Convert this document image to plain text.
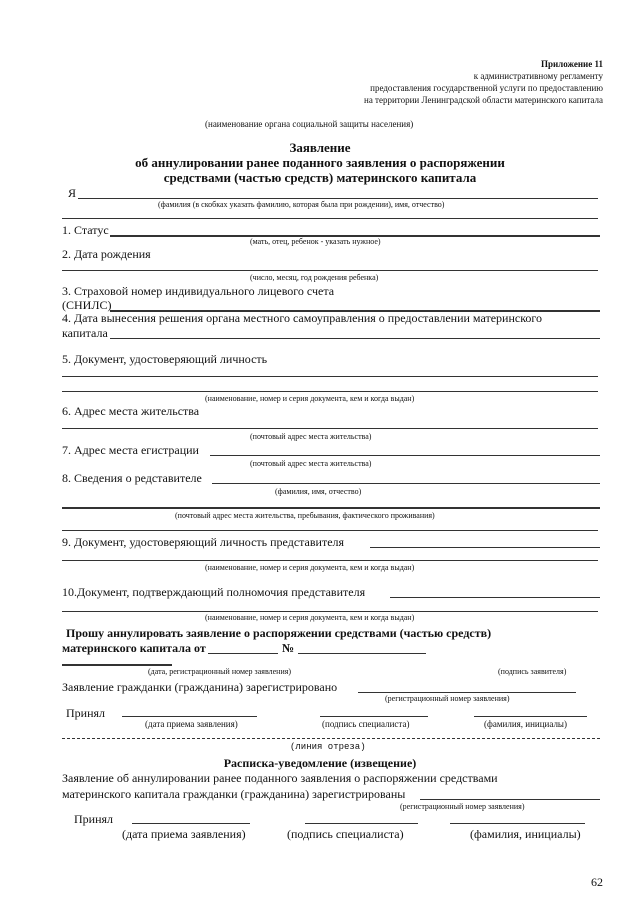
Приложение 11
к административному регламенту
предоставления государственной услуги по предоставлению
на территории Ленинградской области материнского капитала
(наименование органа социальной защиты населения)
Заявление
об аннулировании ранее поданного заявления о распоряжении
средствами (частью средств) материнского капитала
Я
(фамилия (в скобках указать фамилию, которая была при рождении), имя, отчество)
1. Статус
(мать, отец, ребенок - указать нужное)
2. Дата рождения
(число, месяц, год рождения ребенка)
3. Страховой номер индивидуального лицевого счета
(СНИЛС)
4. Дата вынесения решения органа местного самоуправления о предоставлении материнского
капитала
5. Документ, удостоверяющий личность
(наименование, номер и серия документа, кем и когда выдан)
6. Адрес места жительства
(почтовый адрес места жительства)
7. Адрес места егистрации
(почтовый адрес места жительства)
8. Сведения о редставителе
(фамилия, имя, отчество)
(почтовый адрес места жительства, пребывания, фактического проживания)
9. Документ, удостоверяющий личность представителя
(наименование, номер и серия документа, кем и когда выдан)
10.Документ, подтверждающий полномочия представителя
(наименование, номер и серия документа, кем и когда выдан)
Прошу аннулировать заявление о распоряжении средствами (частью средств)
материнского капитала от	№
(дата, регистрационный номер заявления)	(подпись заявителя)
Заявление гражданки (гражданина) зарегистрировано
(регистрационный номер заявления)
Принял
(дата приема заявления)	(подпись специалиста)	(фамилия, инициалы)
(линия отреза)
Расписка-уведомление (извещение)
Заявление об аннулировании ранее поданного заявления о распоряжении средствами
материнского капитала гражданки (гражданина) зарегистрированы
(регистрационный номер заявления)
Принял
(дата приема заявления)	(подпись специалиста)	(фамилия, инициалы)
62
